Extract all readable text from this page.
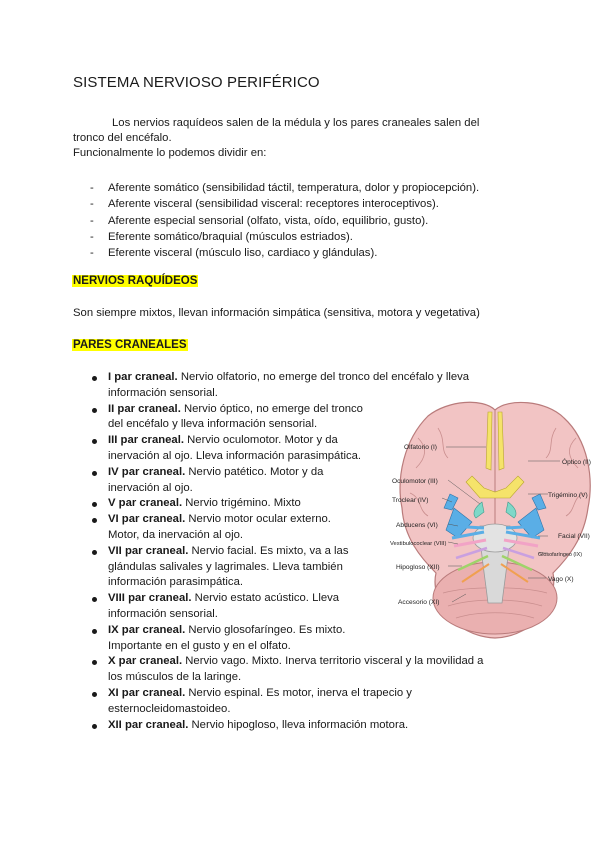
SISTEMA NERVIOSO PERIFÉRICO
Los nervios raquídeos salen de la médula y los pares craneales salen del
tronco del encéfalo.
Funcionalmente lo podemos dividir en:
- Aferente somático (sensibilidad táctil, temperatura, dolor y propiocepción).
- Aferente visceral (sensibilidad visceral: receptores interoceptivos).
- Aferente especial sensorial (olfato, vista, oído, equilibrio, gusto).
- Eferente somático/braquial (músculos estriados).
- Eferente visceral (músculo liso, cardiaco y glándulas).
NERVIOS RAQUÍDEOS
Son siempre mixtos, llevan información simpática (sensitiva, motora y vegetativa)
PARES CRANEALES
I par craneal. Nervio olfatorio, no emerge del tronco del encéfalo y lleva
información sensorial.
II par craneal. Nervio óptico, no emerge del tronco
del encéfalo y lleva información sensorial.
III par craneal. Nervio oculomotor. Motor y da
inervación al ojo. Lleva información parasimpática.
IV par craneal. Nervio patético. Motor y da
inervación al ojo.
V par craneal. Nervio trigémino. Mixto
VI par craneal. Nervio motor ocular externo.
Motor, da inervación al ojo.
VII par craneal. Nervio facial. Es mixto, va a las
glándulas salivales y lagrimales. Lleva también
información parasimpática.
VIII par craneal. Nervio estato acústico. Lleva
información sensorial.
IX par craneal. Nervio glosofaríngeo. Es mixto.
Importante en el gusto y en el olfato.
X par craneal. Nervio vago. Mixto. Inerva territorio visceral y la movilidad a
los músculos de la laringe.
XI par craneal. Nervio espinal. Es motor, inerva el trapecio y
esternocleidomastoideo.
XII par craneal. Nervio hipogloso, lleva información motora.
Olfatorio (I)
Óptico (II)
Oculomotor (III)
Troclear (IV)
Trigémino (V)
Abducens (VI)
Vestibulococlear (VIII)
Facial (VII)
Glosofaríngeo (IX)
Hipogloso (XII)
Vago (X)
Accesorio (XI)
